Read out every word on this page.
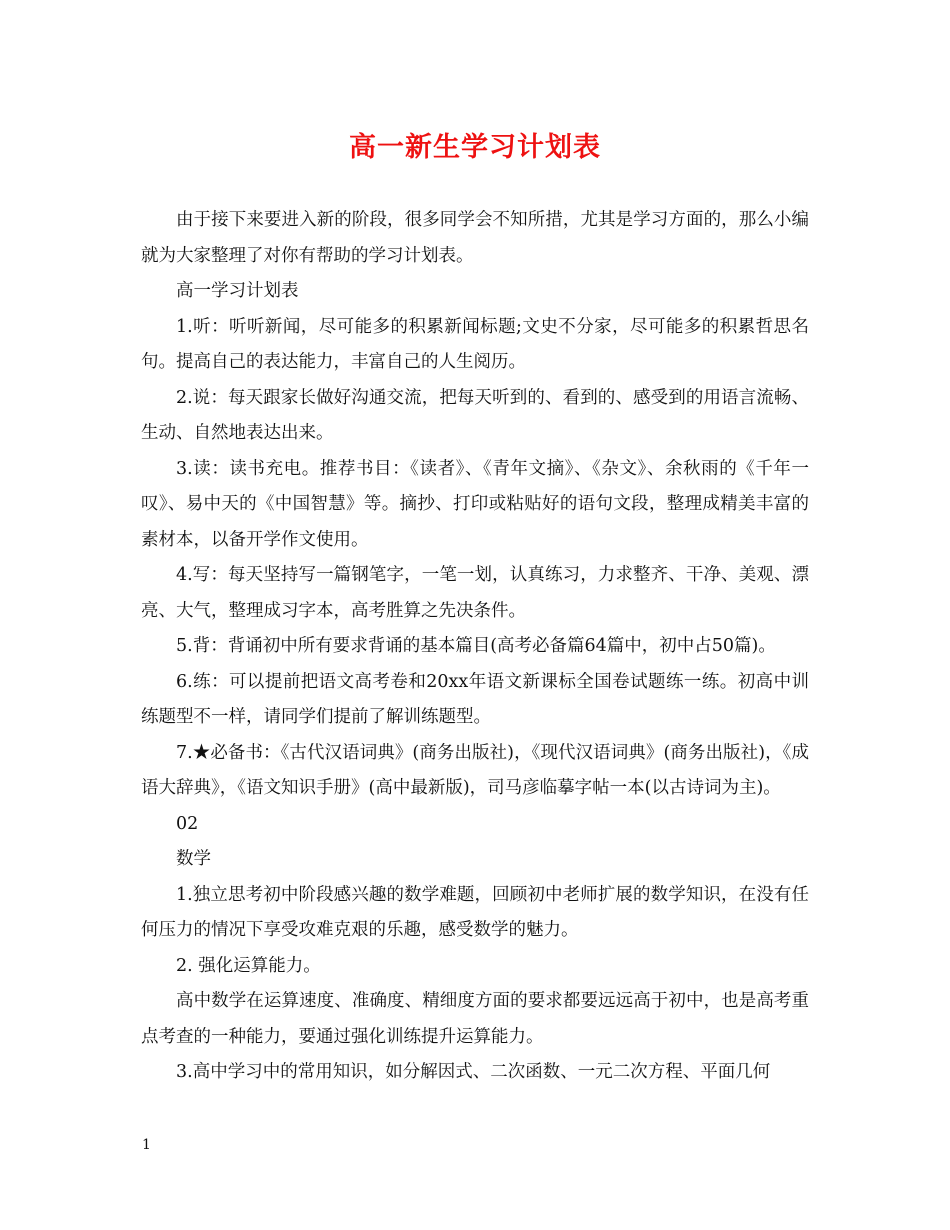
高一新生学习计划表

由于接下来要进入新的阶段，很多同学会不知所措，尤其是学习方面的，那么小编就为大家整理了对你有帮助的学习计划表。

高一学习计划表

1.听：听听新闻，尽可能多的积累新闻标题;文史不分家，尽可能多的积累哲思名句。提高自己的表达能力，丰富自己的人生阅历。

2.说：每天跟家长做好沟通交流，把每天听到的、看到的、感受到的用语言流畅、生动、自然地表达出来。

3.读：读书充电。推荐书目：《读者》、《青年文摘》、《杂文》、余秋雨的《千年一叹》、易中天的《中国智慧》等。摘抄、打印或粘贴好的语句文段，整理成精美丰富的素材本，以备开学作文使用。

4.写：每天坚持写一篇钢笔字，一笔一划，认真练习，力求整齐、干净、美观、漂亮、大气，整理成习字本，高考胜算之先决条件。

5.背：背诵初中所有要求背诵的基本篇目(高考必备篇64篇中，初中占50篇)。

6.练：可以提前把语文高考卷和20xx年语文新课标全国卷试题练一练。初高中训练题型不一样，请同学们提前了解训练题型。

7.★必备书：《古代汉语词典》(商务出版社)，《现代汉语词典》(商务出版社)，《成语大辞典》，《语文知识手册》(高中最新版)，司马彦临摹字帖一本(以古诗词为主)。

02

数学

1.独立思考初中阶段感兴趣的数学难题，回顾初中老师扩展的数学知识，在没有任何压力的情况下享受攻难克艰的乐趣，感受数学的魅力。

2. 强化运算能力。

高中数学在运算速度、准确度、精细度方面的要求都要远远高于初中，也是高考重点考查的一种能力，要通过强化训练提升运算能力。

3.高中学习中的常用知识，如分解因式、二次函数、一元二次方程、平面几何

1
